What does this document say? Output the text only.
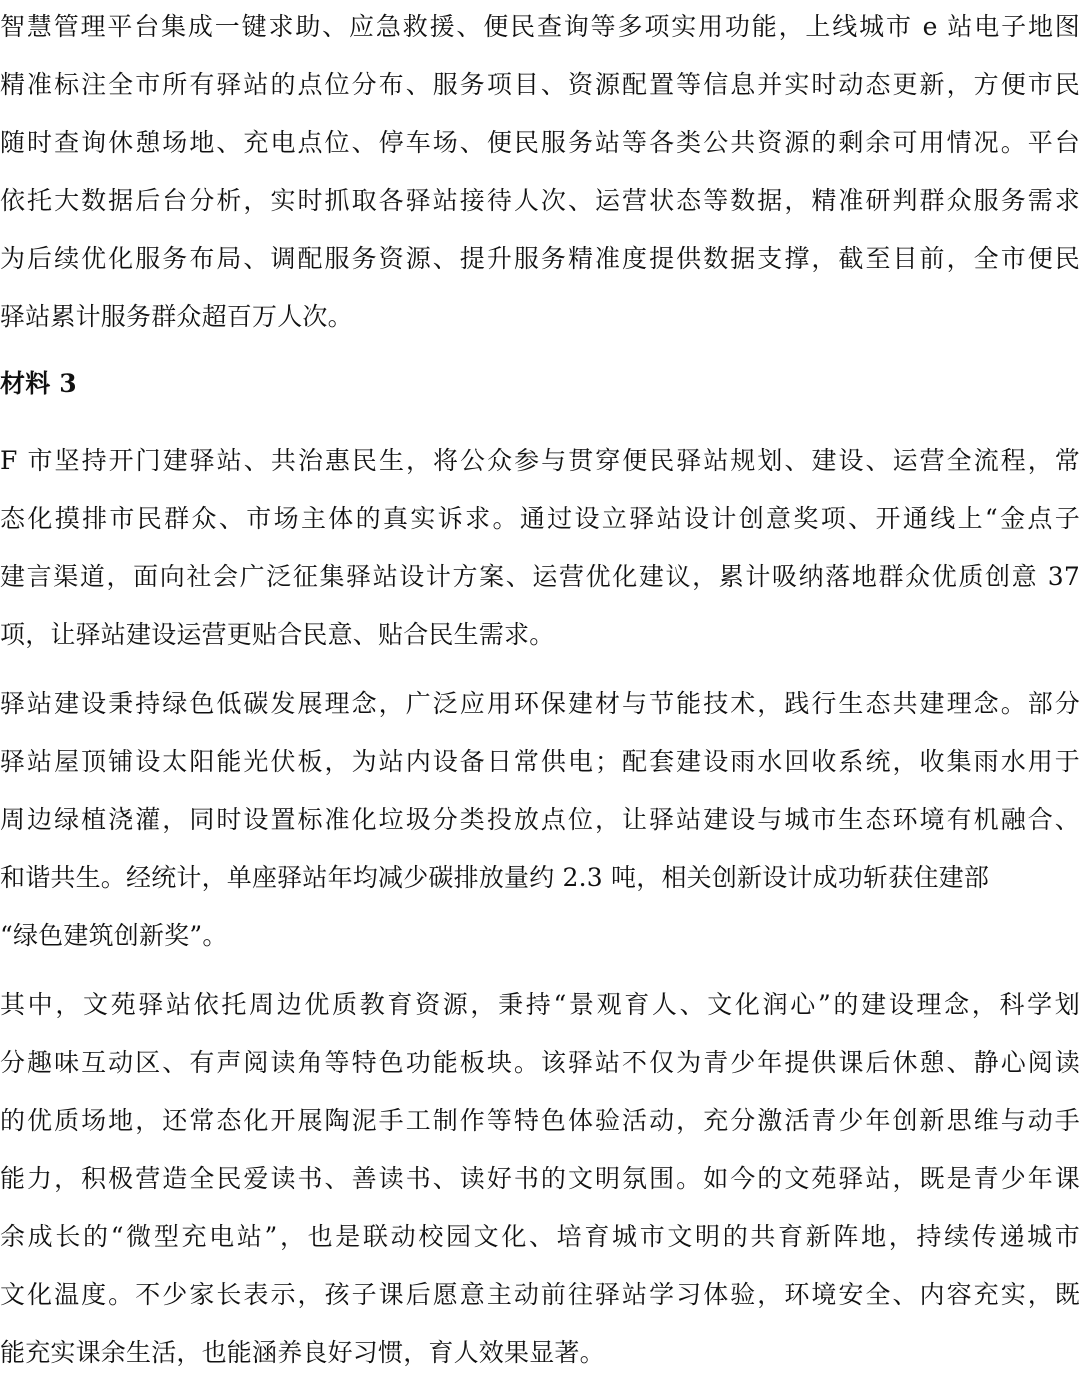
智慧管理平台集成一键求助、应急救援、便民查询等多项实用功能，上线城市 e 站电子地图
精准标注全市所有驿站的点位分布、服务项目、资源配置等信息并实时动态更新，方便市民
随时查询休憩场地、充电点位、停车场、便民服务站等各类公共资源的剩余可用情况。平台
依托大数据后台分析，实时抓取各驿站接待人次、运营状态等数据，精准研判群众服务需求
为后续优化服务布局、调配服务资源、提升服务精准度提供数据支撑，截至目前，全市便民
驿站累计服务群众超百万人次。
材料 3
F 市坚持开门建驿站、共治惠民生，将公众参与贯穿便民驿站规划、建设、运营全流程，常
态化摸排市民群众、市场主体的真实诉求。通过设立驿站设计创意奖项、开通线上“金点子
建言渠道，面向社会广泛征集驿站设计方案、运营优化建议，累计吸纳落地群众优质创意 37
项，让驿站建设运营更贴合民意、贴合民生需求。
驿站建设秉持绿色低碳发展理念，广泛应用环保建材与节能技术，践行生态共建理念。部分
驿站屋顶铺设太阳能光伏板，为站内设备日常供电；配套建设雨水回收系统，收集雨水用于
周边绿植浇灌，同时设置标准化垃圾分类投放点位，让驿站建设与城市生态环境有机融合、
和谐共生。经统计，单座驿站年均减少碳排放量约 2.3 吨，相关创新设计成功斩获住建部
“绿色建筑创新奖”。
其中，文苑驿站依托周边优质教育资源，秉持“景观育人、文化润心”的建设理念，科学划
分趣味互动区、有声阅读角等特色功能板块。该驿站不仅为青少年提供课后休憩、静心阅读
的优质场地，还常态化开展陶泥手工制作等特色体验活动，充分激活青少年创新思维与动手
能力，积极营造全民爱读书、善读书、读好书的文明氛围。如今的文苑驿站，既是青少年课
余成长的“微型充电站”，也是联动校园文化、培育城市文明的共育新阵地，持续传递城市
文化温度。不少家长表示，孩子课后愿意主动前往驿站学习体验，环境安全、内容充实，既
能充实课余生活，也能涵养良好习惯，育人效果显著。
